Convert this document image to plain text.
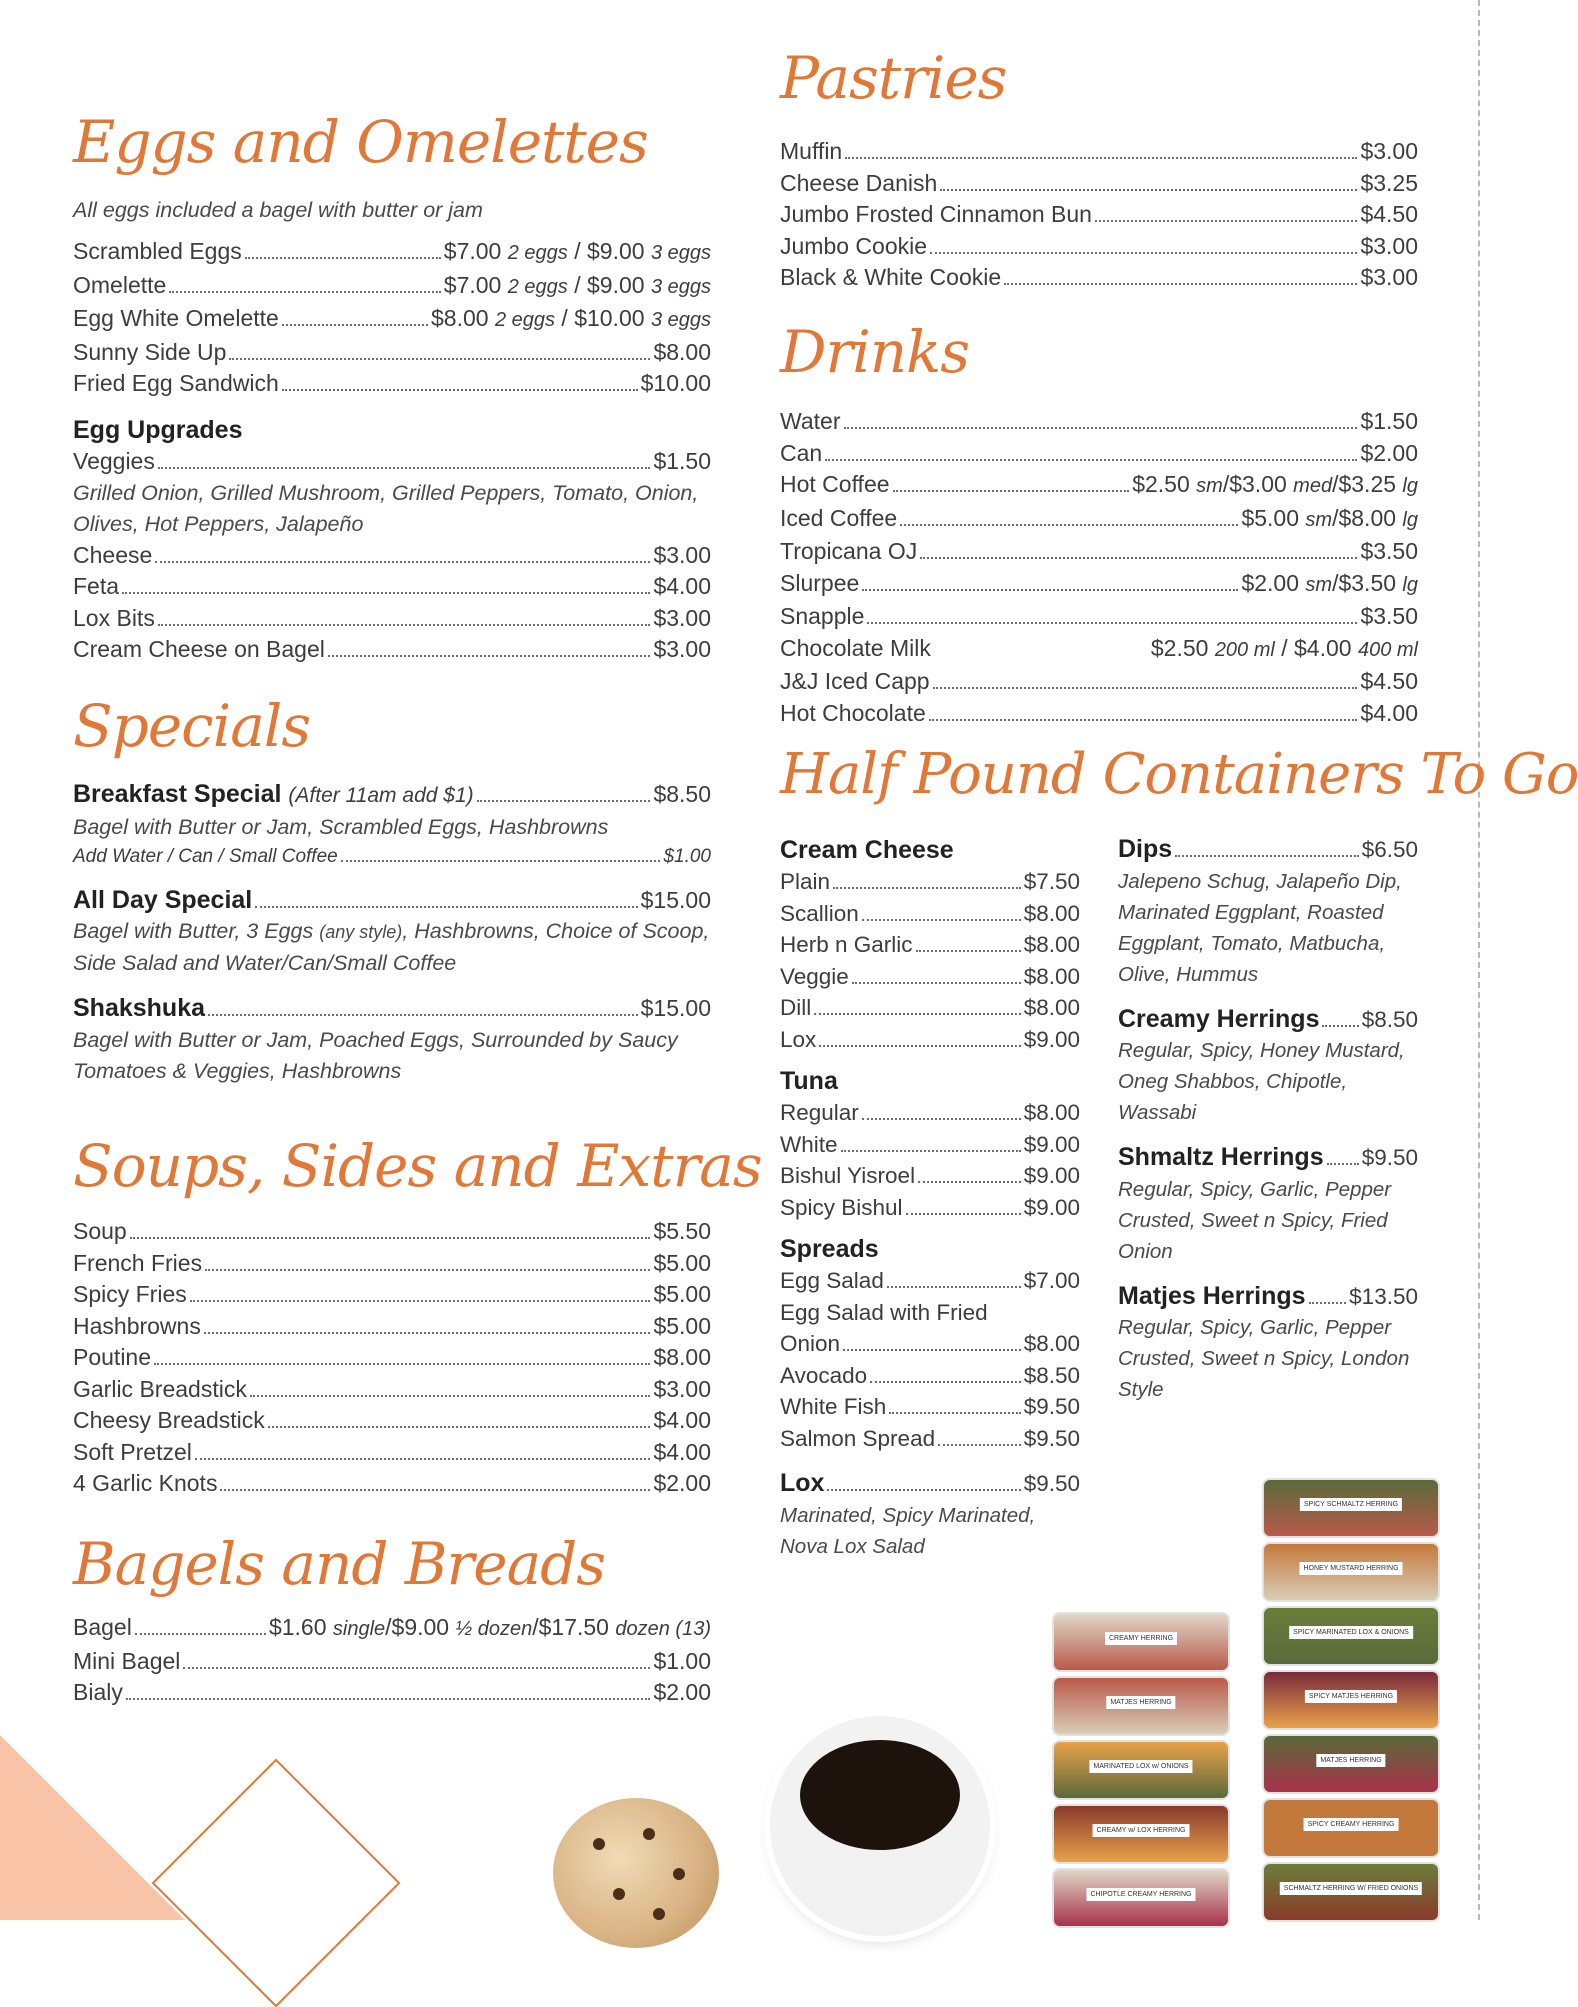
Eggs and Omelettes
All eggs included a bagel with butter or jam
Scrambled Eggs	$7.00 2 eggs / $9.00 3 eggs
Omelette	$7.00 2 eggs / $9.00 3 eggs
Egg White Omelette	$8.00 2 eggs / $10.00 3 eggs
Sunny Side Up	$8.00
Fried Egg Sandwich	$10.00
Egg Upgrades
Veggies	$1.50
Grilled Onion, Grilled Mushroom, Grilled Peppers, Tomato, Onion, Olives, Hot Peppers, Jalapeño
Cheese	$3.00
Feta	$4.00
Lox Bits	$3.00
Cream Cheese on Bagel	$3.00
Specials
Breakfast Special (After 11am add $1)	$8.50
Bagel with Butter or Jam, Scrambled Eggs, Hashbrowns
Add Water / Can / Small Coffee	$1.00
All Day Special	$15.00
Bagel with Butter, 3 Eggs (any style), Hashbrowns, Choice of Scoop, Side Salad and Water/Can/Small Coffee
Shakshuka	$15.00
Bagel with Butter or Jam, Poached Eggs, Surrounded by Saucy Tomatoes & Veggies, Hashbrowns
Soups, Sides and Extras
Soup	$5.50
French Fries	$5.00
Spicy Fries	$5.00
Hashbrowns	$5.00
Poutine	$8.00
Garlic Breadstick	$3.00
Cheesy Breadstick	$4.00
Soft Pretzel	$4.00
4 Garlic Knots	$2.00
Bagels and Breads
Bagel	$1.60 single/$9.00 ½ dozen/$17.50 dozen (13)
Mini Bagel	$1.00
Bialy	$2.00
Pastries
Muffin	$3.00
Cheese Danish	$3.25
Jumbo Frosted Cinnamon Bun	$4.50
Jumbo Cookie	$3.00
Black & White Cookie	$3.00
Drinks
Water	$1.50
Can	$2.00
Hot Coffee	$2.50 sm/$3.00 med/$3.25 lg
Iced Coffee	$5.00 sm/$8.00 lg
Tropicana OJ	$3.50
Slurpee	$2.00 sm/$3.50 lg
Snapple	$3.50
Chocolate Milk	$2.50 200 ml / $4.00 400 ml
J&J Iced Capp	$4.50
Hot Chocolate	$4.00
Half Pound Containers To Go
Cream Cheese
Plain	$7.50
Scallion	$8.00
Herb n Garlic	$8.00
Veggie	$8.00
Dill	$8.00
Lox	$9.00
Tuna
Regular	$8.00
White	$9.00
Bishul Yisroel	$9.00
Spicy Bishul	$9.00
Spreads
Egg Salad	$7.00
Egg Salad with Fried
Onion	$8.00
Avocado	$8.50
White Fish	$9.50
Salmon Spread	$9.50
Lox	$9.50
Marinated, Spicy Marinated, Nova Lox Salad
Dips	$6.50
Jalepeno Schug, Jalapeño Dip, Marinated Eggplant, Roasted Eggplant, Tomato, Matbucha, Olive, Hummus
Creamy Herrings $8.50
Regular, Spicy, Honey Mustard, Oneg Shabbos, Chipotle, Wassabi
Shmaltz Herrings $9.50
Regular, Spicy, Garlic, Pepper Crusted, Sweet n Spicy, Fried Onion
Matjes Herrings $13.50
Regular, Spicy, Garlic, Pepper Crusted, Sweet n Spicy, London Style
CREAMY HERRING
MATJES HERRING
MARINATED LOX w/ ONIONS
CREAMY w/ LOX HERRING
CHIPOTLE CREAMY HERRING
SPICY SCHMALTZ HERRING
HONEY MUSTARD HERRING
SPICY MARINATED LOX & ONIONS
SPICY MATJES HERRING
MATJES HERRING
SPICY CREAMY HERRING
SCHMALTZ HERRING W/ FRIED ONIONS
